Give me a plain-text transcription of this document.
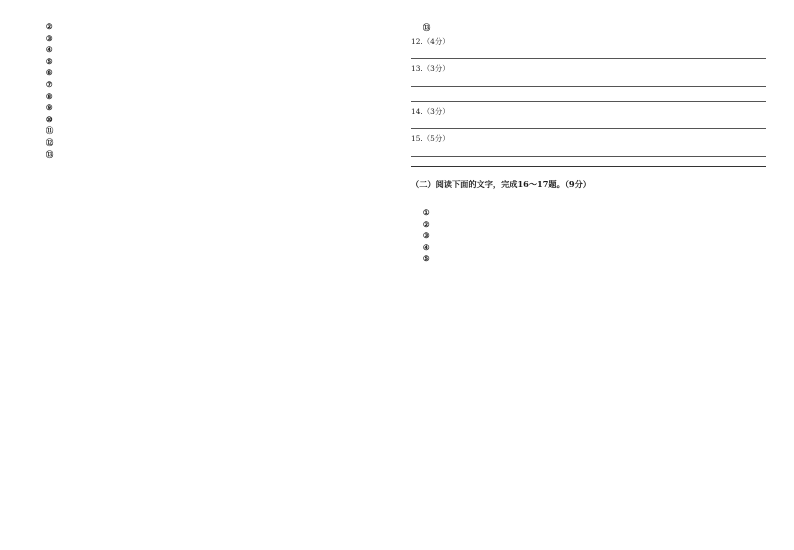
②

③

④

⑤

⑥

⑦

⑧

⑨

⑩

⑪

⑫

⑬

⑬

12.（4分）

13.（3分）

14.（3分）

15.（5分）

（二）阅读下面的文字，完成16～17题。（9分）

①

②

③

④

⑤
